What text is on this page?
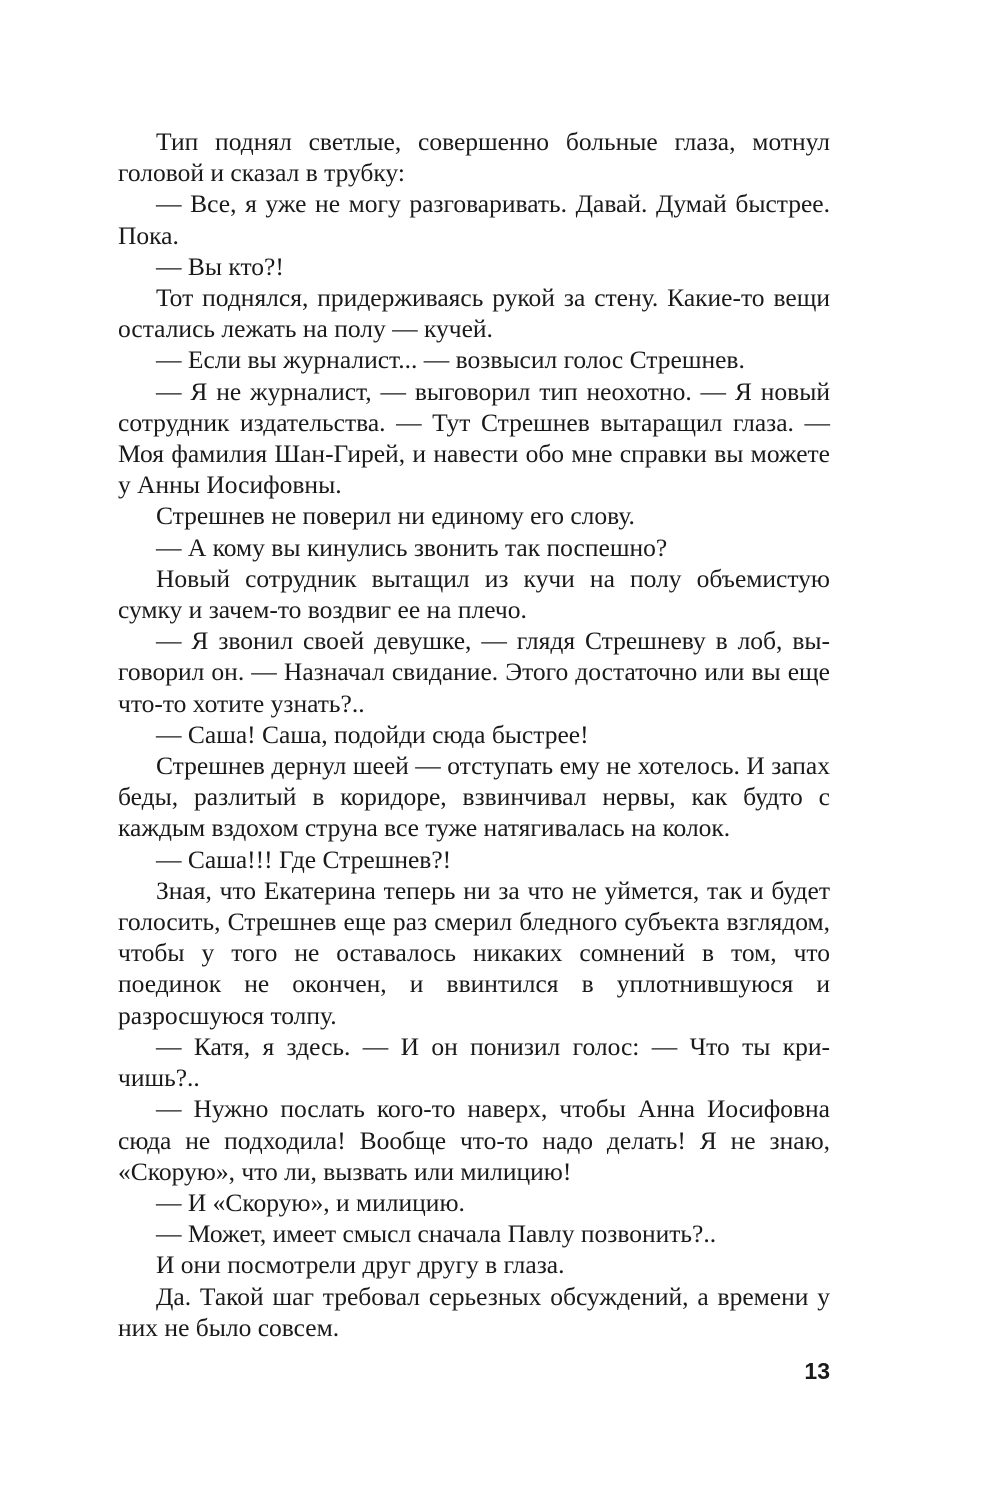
Тип поднял светлые, совершенно больные глаза, мотнул головой и сказал в трубку:

— Все, я уже не могу разговаривать. Давай. Думай быстрее. Пока.

— Вы кто?!

Тот поднялся, придерживаясь рукой за стену. Какие-то вещи остались лежать на полу — кучей.

— Если вы журналист... — возвысил голос Стрешнев.

— Я не журналист, — выговорил тип неохотно. — Я новый сотрудник издательства. — Тут Стрешнев вытаращил глаза. — Моя фамилия Шан-Гирей, и навести обо мне справки вы можете у Анны Иосифовны.

Стрешнев не поверил ни единому его слову.

— А кому вы кинулись звонить так поспешно?

Новый сотрудник вытащил из кучи на полу объемистую сумку и зачем-то воздвиг ее на плечо.

— Я звонил своей девушке, — глядя Стрешневу в лоб, выговорил он. — Назначал свидание. Этого достаточно или вы еще что-то хотите узнать?..

— Саша! Саша, подойди сюда быстрее!

Стрешнев дернул шеей — отступать ему не хотелось. И запах беды, разлитый в коридоре, взвинчивал нервы, как будто с каждым вздохом струна все туже натягивалась на колок.

— Саша!!! Где Стрешнев?!

Зная, что Екатерина теперь ни за что не уймется, так и будет голосить, Стрешнев еще раз смерил бледного субъекта взглядом, чтобы у того не оставалось никаких сомнений в том, что поединок не окончен, и ввинтился в уплотнившуюся и разросшуюся толпу.

— Катя, я здесь. — И он понизил голос: — Что ты кричишь?..

— Нужно послать кого-то наверх, чтобы Анна Иосифовна сюда не подходила! Вообще что-то надо делать! Я не знаю, «Скорую», что ли, вызвать или милицию!

— И «Скорую», и милицию.

— Может, имеет смысл сначала Павлу позвонить?..

И они посмотрели друг другу в глаза.

Да. Такой шаг требовал серьезных обсуждений, а времени у них не было совсем.

13
